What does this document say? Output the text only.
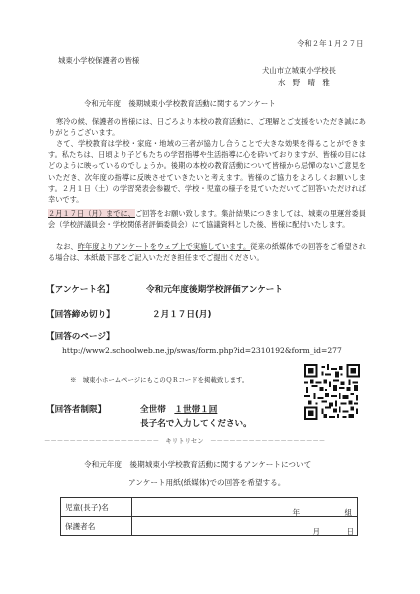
令和２年１月２７日
城東小学校保護者の皆様
犬山市立城東小学校長
水　野　晴　雅
令和元年度　後期城東小学校教育活動に関するアンケート
寒冷の候、保護者の皆様には、日ごろより本校の教育活動に、ご理解とご支援をいただき誠にありがとうございます。
さて、学校教育は学校・家庭・地域の三者が協力し合うことで大きな効果を得ることができます。私たちは、日頃より子どもたちの学習指導や生活指導に心を砕いておりますが、皆様の目にはどのように映っているのでしょうか。後期の本校の教育活動について皆様から忌憚のないご意見をいただき、次年度の指導に反映させていきたいと考えます。皆様のご協力をよろしくお願いします。２月１日（土）の学習発表会参観で、学校・児童の様子を見ていただいてご回答いただければ幸いです。
２月１７日（月）までに、ご回答をお願い致します。集計結果につきましては、城東の里運営委員会（学校評議員会・学校関係者評価委員会）にて協議資料とした後、皆様に配付いたします。
なお、昨年度よりアンケートをウェブ上で実施しています。従来の紙媒体での回答をご希望される場合は、本紙最下部をご記入いただき担任までご提出ください。
【アンケート名】	令和元年度後期学校評価アンケート
【回答締め切り】	２月１７日(月)
【回答のページ】
http://www2.schoolweb.ne.jp/swas/form.php?id=2310192&form_id=277
※　城東小ホームページにもこのＱＲコードを掲載致します。
【回答者制限】	全世帯　１世帯１回
長子名で入力してください。
－－－－－－－－－－－－－－－－－－　キリトリセン　－－－－－－－－－－－－－－－－－－
令和元年度　後期城東小学校教育活動に関するアンケートについて
アンケート用紙(紙媒体)での回答を希望する。
児童(長子)名	年 組

保護者名	月 日
